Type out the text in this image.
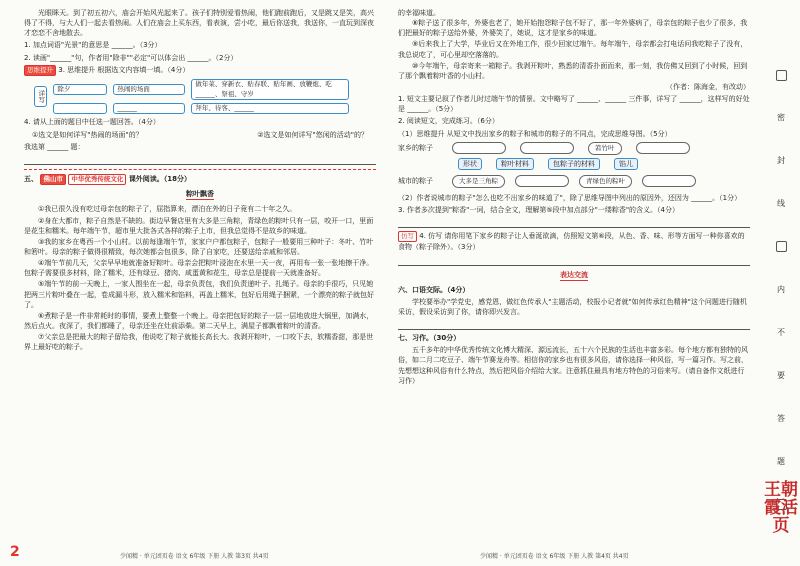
光眼眯天。到了初五初六，庙会开始风光起来了。孩子们特别爱看热闹，他们跑前跑后，又是跳又是笑，高兴得了不得，与大人们一起去看热闹。人们在庙会上买东西，看表演，尝小吃，最后你送我，我送你，一直玩到深夜才恋恋不舍地散去。

1. 加点词语"光景"的意思是 ______。（3分）

2. 读画"______"句，作者用"除非""必定"可以体会出 ______。（2分）

思维提升 3. 思维提升 根据选文内容填一填。（4分）

详写
除夕	热闹的场面
做年菜、穿新衣、贴春联、贴年画、放鞭炮、吃______、祭祖、守岁
______	拜年、待客、______

4. 请从上面的题目中任选一题回答。（4分）

①选文是如何详写"热闹的场面"的？	②选文是如何详写"悠闲的活动"的？

我选第 ______ 题：

五、 佛山市 中华优秀传统文化 课外阅读。（18分）

粽叶飘香

①我已很久没有吃过母亲包的粽子了，屈指算来，漂泊在外的日子竟有二十年之久。

②身在大都市，粽子自然是不缺的。街边早餐店里有大多是三角粽，青绿色的粽叶只有一层，咬开一口，里面是花生和糯米。每年端午节，超市里大批各式各样的粽子上市，但我总觉得不是故乡的味道。

③我的家乡在粤西一个小山村。以前每逢端午节，家家户户都包粽子，包粽子一般要用三种叶子：冬叶、竹叶和箬叶。母亲的粽子做得很精致，每次她都会包很多，除了自家吃，还要送给亲戚和邻居。

④端午节前几天，父亲早早地就准备好粽叶。母亲会把粽叶浸泡在水里一天一夜，再用布一张一张地擦干净。包粽子需要很多材料，除了糯米，还有绿豆、猪肉、咸蛋黄和花生，母亲总是提前一天就准备好。

⑤端午节的前一天晚上，一家人围坐在一起，母亲负责包，我们负责递叶子、扎绳子。母亲的手很巧，只见她把两三片粽叶叠在一起，卷成漏斗形，放入糯米和馅料，再盖上糯米，包好后用绳子捆紧，一个漂亮的粽子就包好了。

⑥煮粽子是一件非常耗时的事情，要煮上整整一个晚上。母亲把包好的粽子一层一层地放进大锅里，加满水，然后点火。夜深了，我们都睡了，母亲还坐在灶前添柴。第二天早上，满屋子都飘着粽叶的清香。

⑦父亲总是把最大的粽子留给我，他说吃了粽子就能长高长大。我剥开粽叶，一口咬下去，软糯香甜，那是世界上最好吃的粽子。

2	少闻精 · 单元团页卷 语文 6年级 下册 人教 第3页 共4页

的幸福味道。

⑧粽子送了很多年，外婆也老了，她开始抱怨粽子包不好了，那一年外婆病了，母亲包的粽子也少了很多，我们把最好的粽子送给外婆，外婆笑了，她说，这才是家乡的味道。

⑨后来我上了大学，毕业后又在外地工作，很少回家过端午。每年端午，母亲都会打电话问我吃粽子了没有，我总说吃了，可心里却空落落的。

⑩今年端午，母亲寄来一箱粽子。我剥开粽叶，熟悉的清香扑面而来，那一刻，我仿佛又回到了小时候，回到了那个飘着粽叶香的小山村。

（作者：陈海金，有改动）

1. 短文主要记叙了作者儿时过端午节的情景。文中略写了 ______、______ 三件事，详写了 ______，这样写的好处是 ______。（5分）

2. 阅读短文，完成练习。（6分）

（1）思维提升 从短文中找出家乡的粽子和城市的粽子的不同点，完成思维导图。（5分）

家乡的粽子	箬竹叶
形状	粽叶材料	包粽子的材料	馅儿
城市的粽子	大多是三角粽	青绿色的粽叶

（2）作者说城市的粽子"怎么也吃不出家乡的味道了"，除了思维导图中列出的原因外，还因为 ______。（1分）

3. 作者多次提到"粽香"一词，结合全文，理解第⑤段中加点部分"一缕粽香"的含义。（4分）

仿写 4. 仿写 请你用笔下家乡的粽子让人垂涎欲滴，仿照短文第⑥段，从色、香、味、形等方面写一种你喜欢的食物（粽子除外）。（3分）

表达交流

六、口语交际。（4分）

学校要举办"学党史，感党恩，做红色传承人"主题活动，校报小记者就"如何传承红色精神"这个问题进行随机采访，假设采访到了你，请你即兴发言。

七、习作。（30分）

五千多年的中华优秀传统文化博大精深、源远流长，五十六个民族的生活也丰富多彩。每个地方都有独特的风俗，如二月二吃豆子、端午节赛龙舟等。相信你的家乡也有很多风俗，请你选择一种风俗，写一篇习作。写之前，先想想这种风俗有什么特点，然后把风俗介绍给大家。注意抓住最具有地方特色的习俗来写。（请自备作文纸进行习作）

少闻精 · 单元团页卷 语文 6年级 下册 人教 第4页 共4页
密
封
线
内
不
要
答
题
王朝霞活页
